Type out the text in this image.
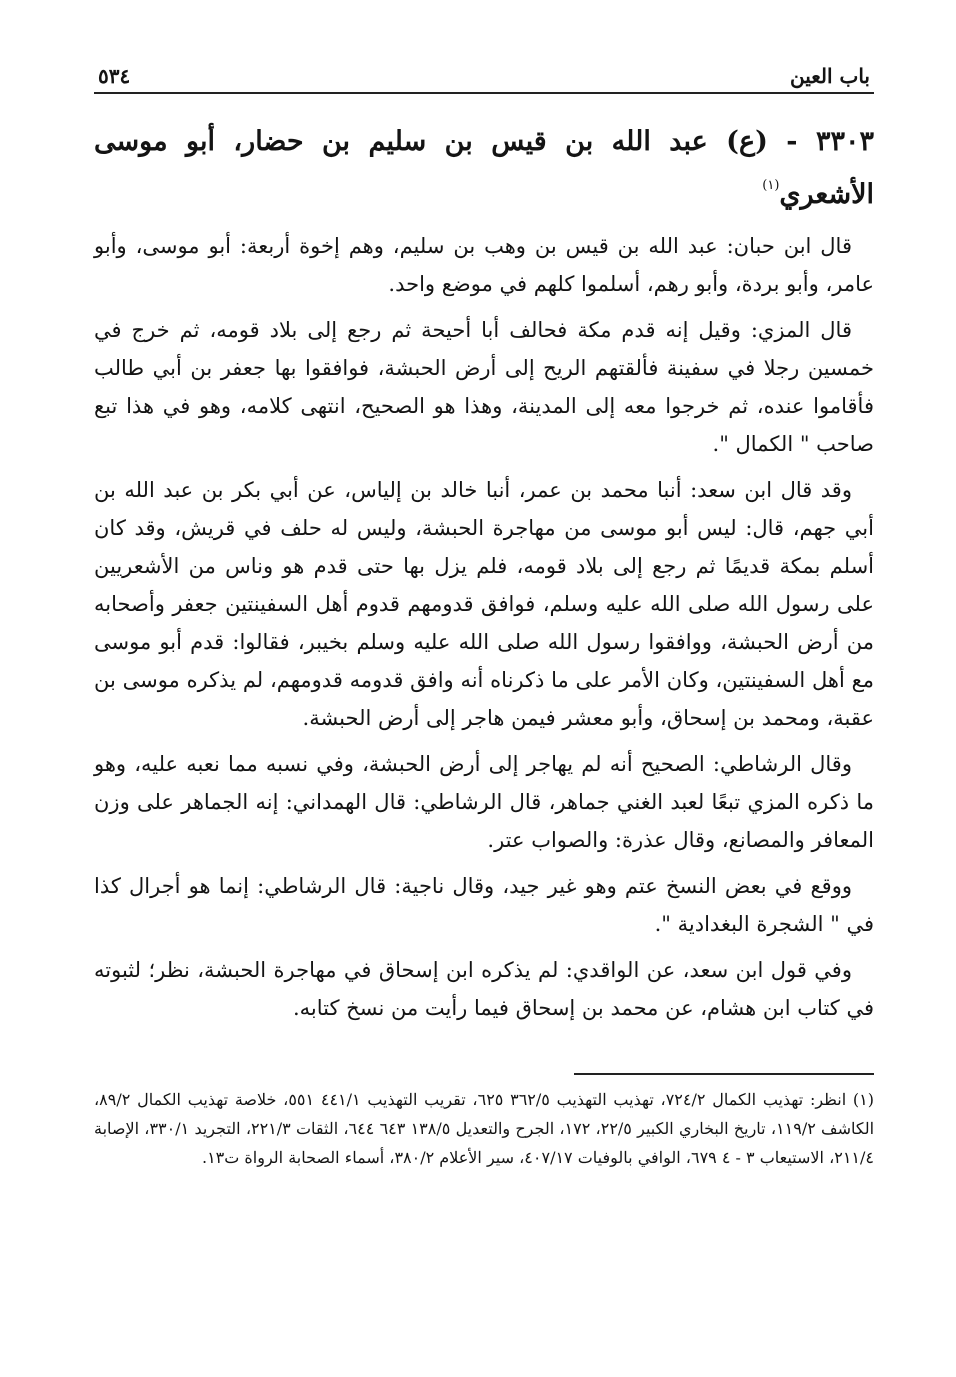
باب العين
٥٣٤
٣٣٠٣ - (ع) عبد الله بن قيس بن سليم بن حضار، أبو موسى الأشعري$^{(١)}$

قال ابن حبان: عبد الله بن قيس بن وهب بن سليم، وهم إخوة أربعة: أبو موسى، وأبو عامر، وأبو بردة، وأبو رهم، أسلموا كلهم في موضع واحد.

قال المزي: وقيل إنه قدم مكة فحالف أبا أحيحة ثم رجع إلى بلاد قومه، ثم خرج في خمسين رجلا في سفينة فألقتهم الريح إلى أرض الحبشة، فوافقوا بها جعفر بن أبي طالب فأقاموا عنده، ثم خرجوا معه إلى المدينة، وهذا هو الصحيح، انتهى كلامه، وهو في هذا تبع صاحب " الكمال ".

وقد قال ابن سعد: أنبا محمد بن عمر، أنبا خالد بن إلياس، عن أبي بكر بن عبد الله بن أبي جهم، قال: ليس أبو موسى من مهاجرة الحبشة، وليس له حلف في قريش، وقد كان أسلم بمكة قديمًا ثم رجع إلى بلاد قومه، فلم يزل بها حتى قدم هو وناس من الأشعريين على رسول الله صلى الله عليه وسلم، فوافق قدومهم قدوم أهل السفينتين جعفر وأصحابه من أرض الحبشة، ووافقوا رسول الله صلى الله عليه وسلم بخيبر، فقالوا: قدم أبو موسى مع أهل السفينتين، وكان الأمر على ما ذكرناه أنه وافق قدومه قدومهم، لم يذكره موسى بن عقبة، ومحمد بن إسحاق، وأبو معشر فيمن هاجر إلى أرض الحبشة.

وقال الرشاطي: الصحيح أنه لم يهاجر إلى أرض الحبشة، وفي نسبه مما نعبه عليه، وهو ما ذكره المزي تبعًا لعبد الغني جماهر، قال الرشاطي: قال الهمداني: إنه الجماهر على وزن المعافر والمصانع، وقال عذرة: والصواب عتر.

ووقع في بعض النسخ عتم وهو غير جيد، وقال ناجية: قال الرشاطي: إنما هو أجرال كذا في " الشجرة البغدادية ".

وفي قول ابن سعد، عن الواقدي: لم يذكره ابن إسحاق في مهاجرة الحبشة، نظر؛ لثبوته في كتاب ابن هشام، عن محمد بن إسحاق فيما رأيت من نسخ كتابه.

(١) انظر: تهذيب الكمال ٧٢٤/٢، تهذيب التهذيب ٣٦٢/٥ ٦٢٥، تقريب التهذيب ٤٤١/١ ٥٥١، خلاصة تهذيب الكمال ٨٩/٢، الكاشف ١١٩/٢، تاريخ البخاري الكبير ٢٢/٥، ١٧٢، الجرح والتعديل ١٣٨/٥ ٦٤٣ ٦٤٤، الثقات ٢٢١/٣، التجريد ٣٣٠/١، الإصابة ٢١١/٤، الاستيعاب ٣ - ٤ ٦٧٩، الوافي بالوفيات ٤٠٧/١٧، سير الأعلام ٣٨٠/٢، أسماء الصحابة الرواة ت١٣.
